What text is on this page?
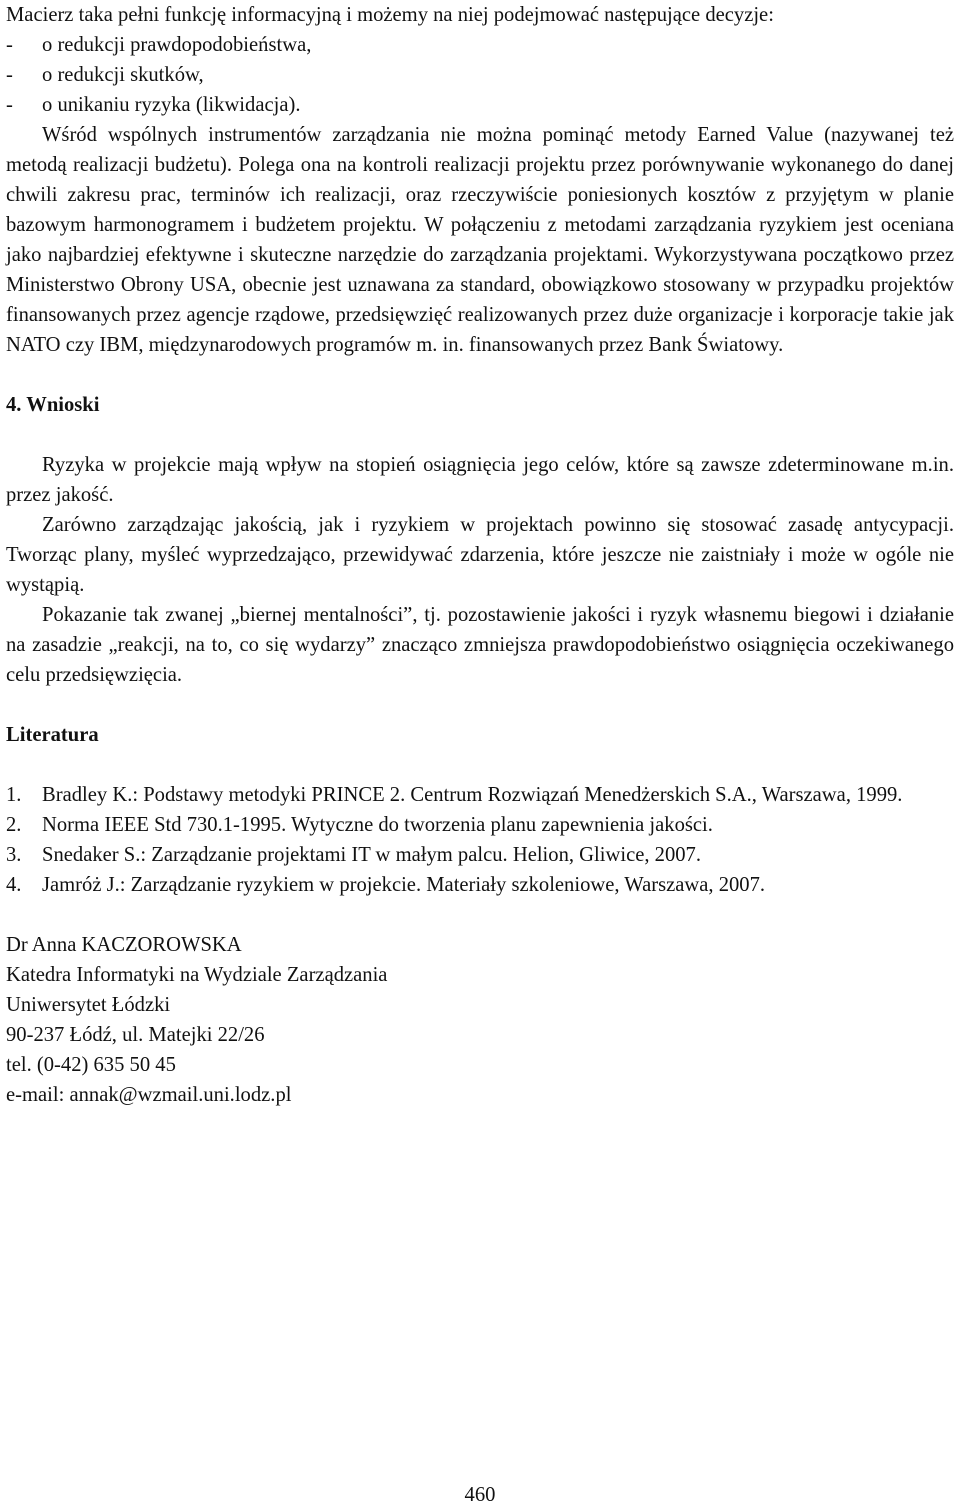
Macierz taka pełni funkcję informacyjną i możemy na niej podejmować następujące decyzje:

-	o redukcji prawdopodobieństwa,
-	o redukcji skutków,
-	o unikaniu ryzyka (likwidacja).

Wśród wspólnych instrumentów zarządzania nie można pominąć metody Earned Value (nazywanej też metodą realizacji budżetu). Polega ona na kontroli realizacji projektu przez porównywanie wykonanego do danej chwili zakresu prac, terminów ich realizacji, oraz rzeczywiście poniesionych kosztów z przyjętym w planie bazowym harmonogramem i budżetem projektu. W połączeniu z metodami zarządzania ryzykiem jest oceniana jako najbardziej efektywne i skuteczne narzędzie do zarządzania projektami. Wykorzystywana początkowo przez Ministerstwo Obrony USA, obecnie jest uznawana za standard, obowiązkowo stosowany w przypadku projektów finansowanych przez agencje rządowe, przedsięwzięć realizowanych przez duże organizacje i korporacje takie jak NATO czy IBM, międzynarodowych programów m. in. finansowanych przez Bank Światowy.

4. Wnioski

Ryzyka w projekcie mają wpływ na stopień osiągnięcia jego celów, które są zawsze zdeterminowane m.in. przez jakość.

Zarówno zarządzając jakością, jak i ryzykiem w projektach powinno się stosować zasadę antycypacji. Tworząc plany, myśleć wyprzedzająco, przewidywać zdarzenia, które jeszcze nie zaistniały i może w ogóle nie wystąpią.

Pokazanie tak zwanej „biernej mentalności”, tj. pozostawienie jakości i ryzyk własnemu biegowi i działanie na zasadzie „reakcji, na to, co się wydarzy” znacząco zmniejsza prawdopodobieństwo osiągnięcia oczekiwanego celu przedsięwzięcia.

Literatura

1. Bradley K.: Podstawy metodyki PRINCE 2. Centrum Rozwiązań Menedżerskich S.A., Warszawa, 1999.
2. Norma IEEE Std 730.1-1995. Wytyczne do tworzenia planu zapewnienia jakości.
3. Snedaker S.: Zarządzanie projektami IT w małym palcu. Helion, Gliwice, 2007.
4. Jamróż J.: Zarządzanie ryzykiem w projekcie. Materiały szkoleniowe, Warszawa, 2007.

Dr Anna KACZOROWSKA

Katedra Informatyki na Wydziale Zarządzania

Uniwersytet Łódzki

90-237 Łódź, ul. Matejki 22/26

tel. (0-42) 635 50 45

e-mail: annak@wzmail.uni.lodz.pl

460
